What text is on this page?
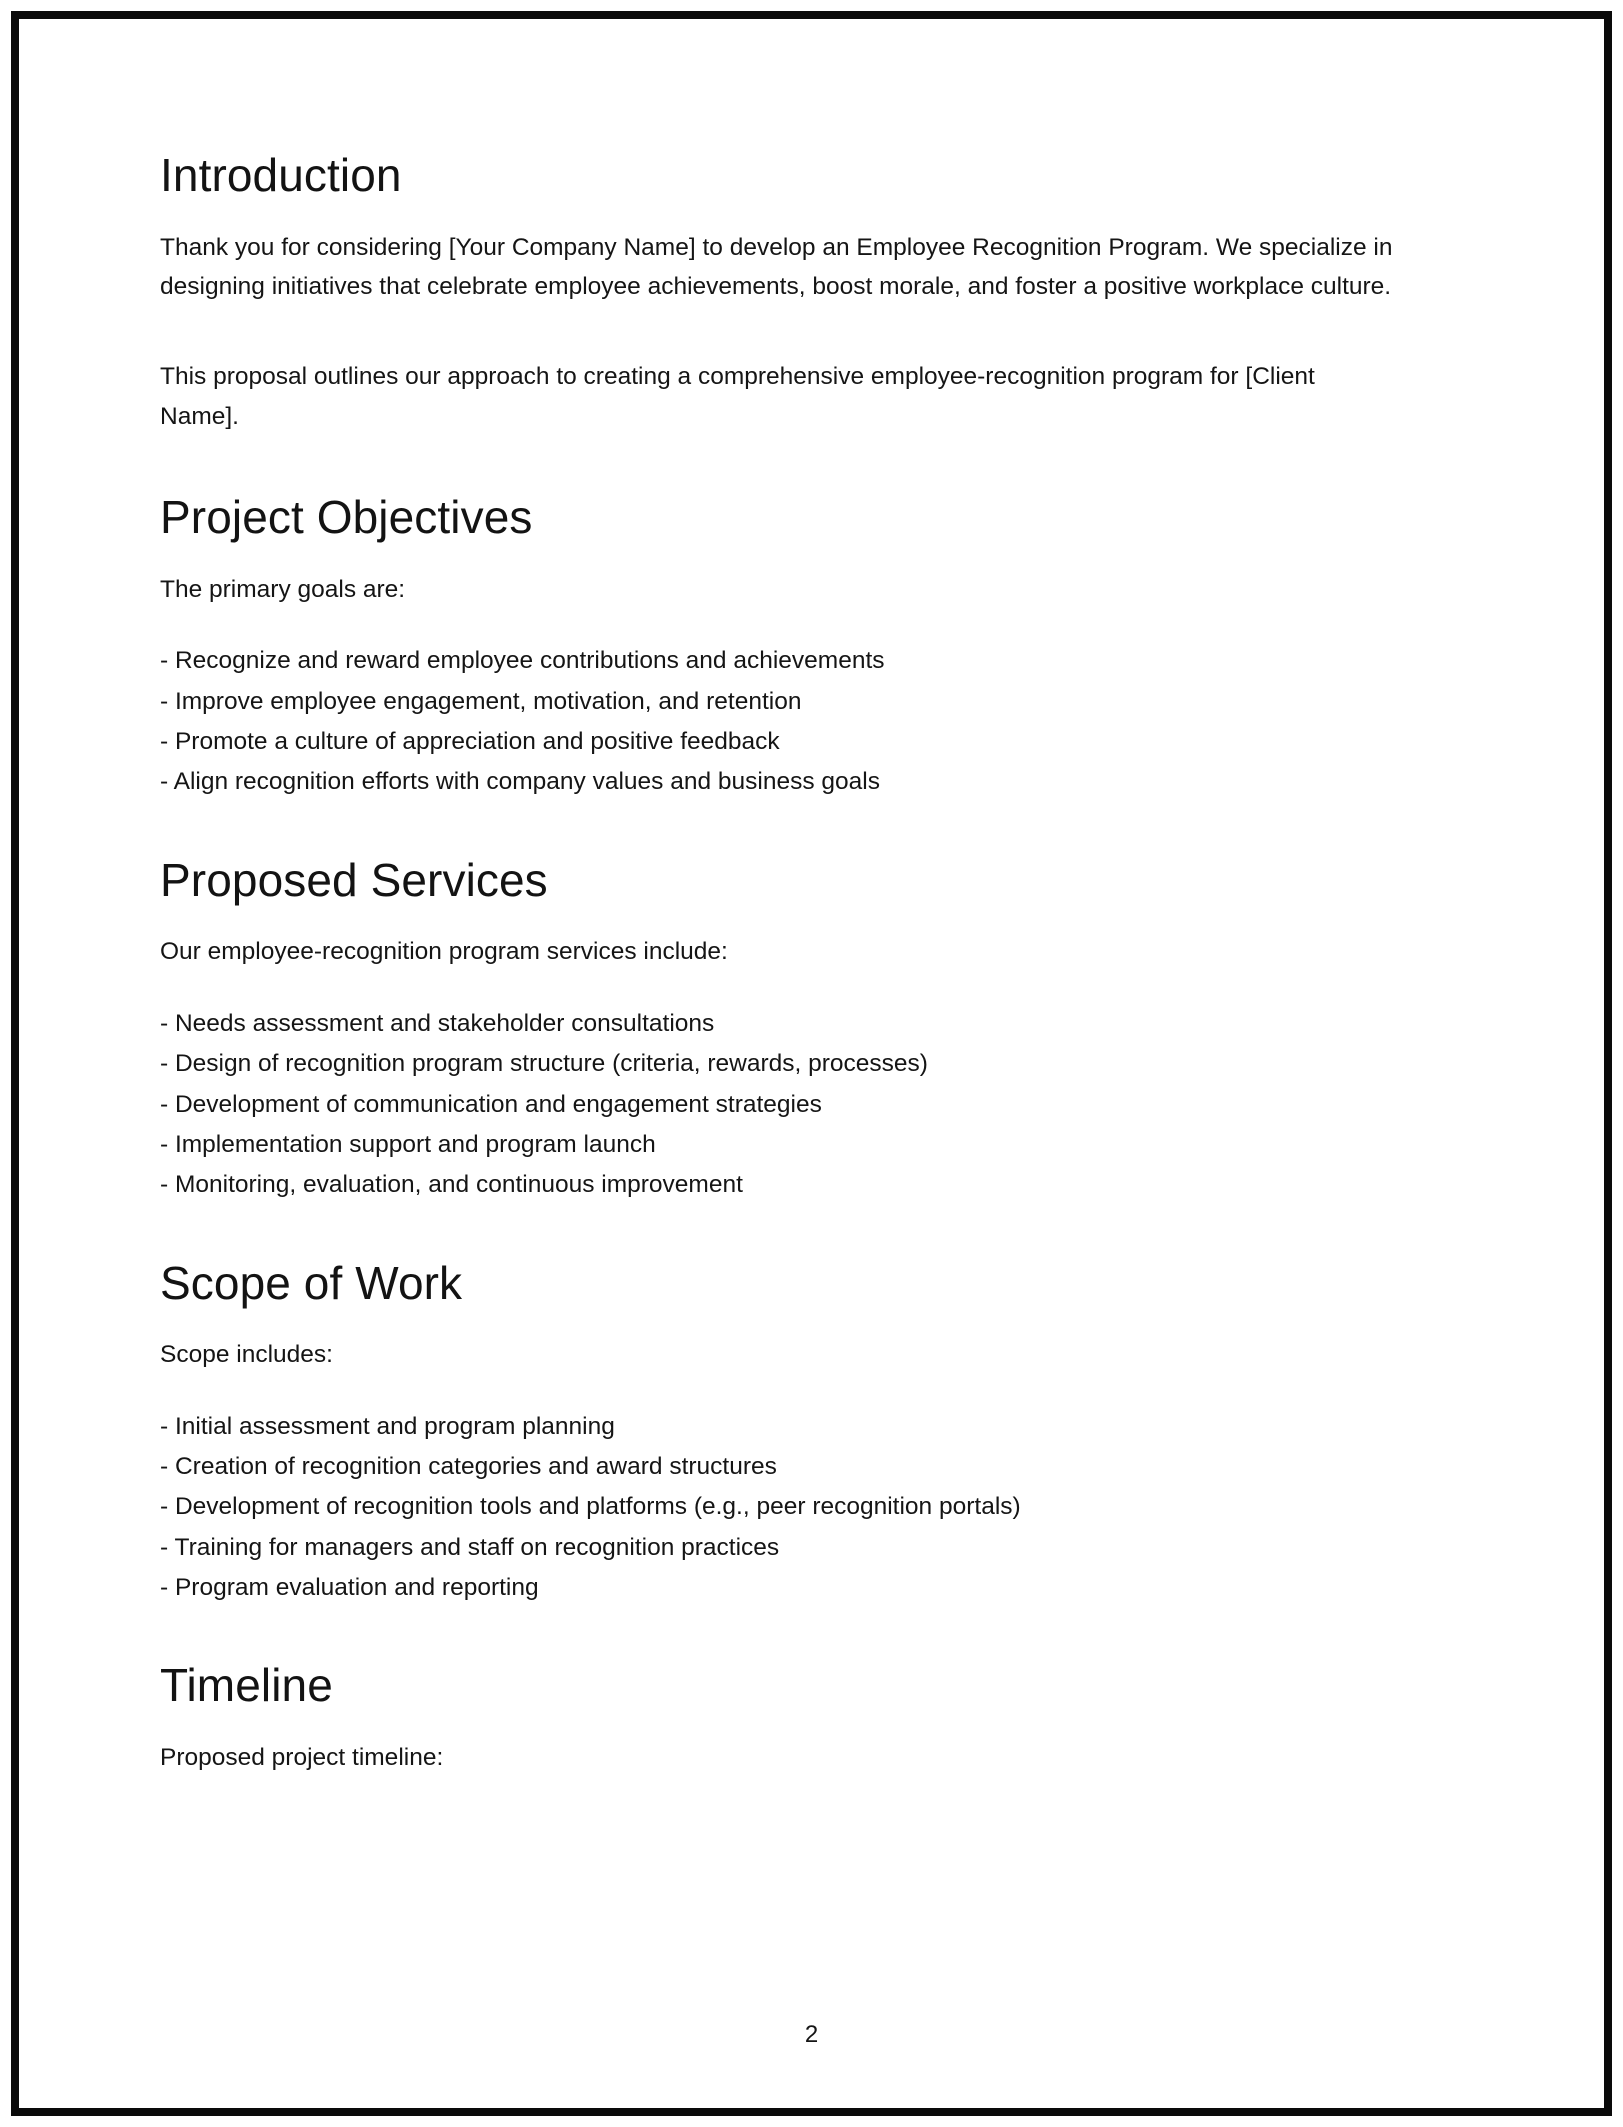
Introduction

Thank you for considering [Your Company Name] to develop an Employee Recognition Program. We specialize in designing initiatives that celebrate employee achievements, boost morale, and foster a positive workplace culture.

This proposal outlines our approach to creating a comprehensive employee-recognition program for [Client Name].

Project Objectives

The primary goals are:

- Recognize and reward employee contributions and achievements
- Improve employee engagement, motivation, and retention
- Promote a culture of appreciation and positive feedback
- Align recognition efforts with company values and business goals
Proposed Services

Our employee-recognition program services include:

- Needs assessment and stakeholder consultations
- Design of recognition program structure (criteria, rewards, processes)
- Development of communication and engagement strategies
- Implementation support and program launch
- Monitoring, evaluation, and continuous improvement
Scope of Work

Scope includes:

- Initial assessment and program planning
- Creation of recognition categories and award structures
- Development of recognition tools and platforms (e.g., peer recognition portals)
- Training for managers and staff on recognition practices
- Program evaluation and reporting
Timeline

Proposed project timeline:

2
